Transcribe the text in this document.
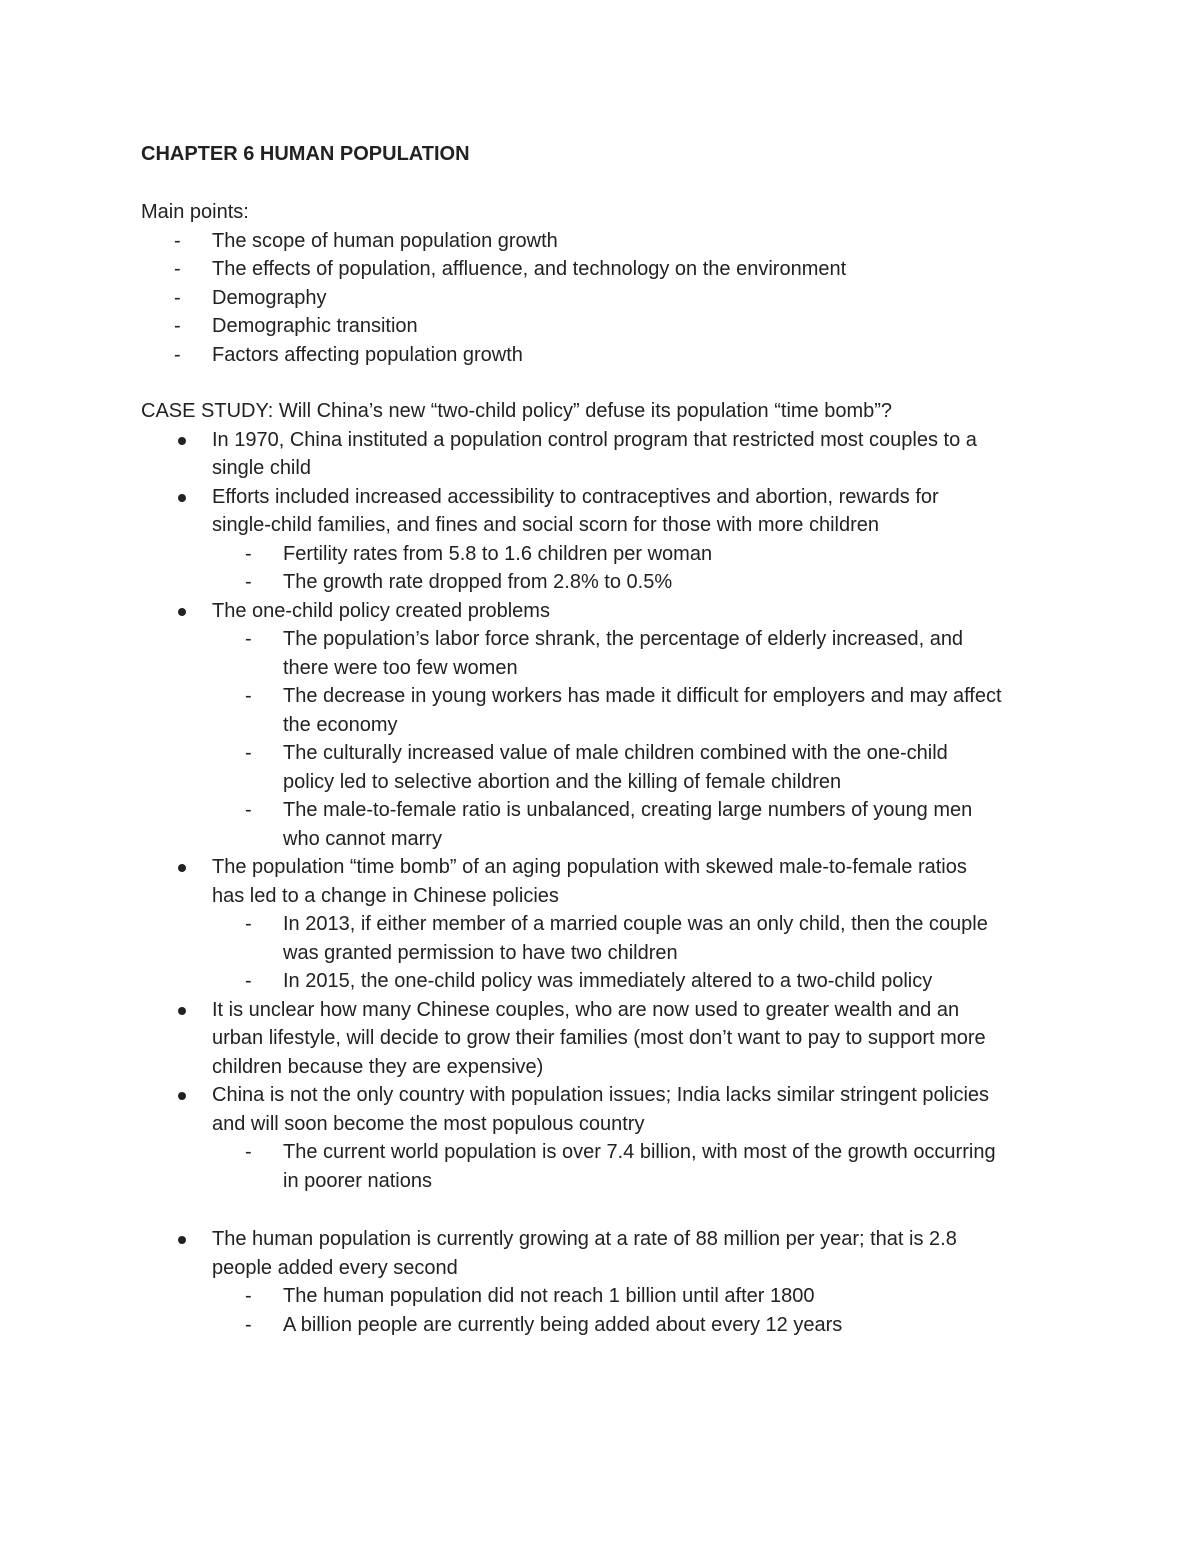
CHAPTER 6 HUMAN POPULATION
Main points:
- The scope of human population growth
- The effects of population, affluence, and technology on the environment
- Demography
- Demographic transition
- Factors affecting population growth
CASE STUDY: Will China’s new “two-child policy” defuse its population “time bomb”?
In 1970, China instituted a population control program that restricted most couples to a
single child
Efforts included increased accessibility to contraceptives and abortion, rewards for
single-child families, and fines and social scorn for those with more children
- Fertility rates from 5.8 to 1.6 children per woman
- The growth rate dropped from 2.8% to 0.5%
The one-child policy created problems
- The population’s labor force shrank, the percentage of elderly increased, and
there were too few women
- The decrease in young workers has made it difficult for employers and may affect
the economy
- The culturally increased value of male children combined with the one-child
policy led to selective abortion and the killing of female children
- The male-to-female ratio is unbalanced, creating large numbers of young men
who cannot marry
The population “time bomb” of an aging population with skewed male-to-female ratios
has led to a change in Chinese policies
- In 2013, if either member of a married couple was an only child, then the couple
was granted permission to have two children
- In 2015, the one-child policy was immediately altered to a two-child policy
It is unclear how many Chinese couples, who are now used to greater wealth and an
urban lifestyle, will decide to grow their families (most don’t want to pay to support more
children because they are expensive)
China is not the only country with population issues; India lacks similar stringent policies
and will soon become the most populous country
- The current world population is over 7.4 billion, with most of the growth occurring
in poorer nations
The human population is currently growing at a rate of 88 million per year; that is 2.8
people added every second
- The human population did not reach 1 billion until after 1800
- A billion people are currently being added about every 12 years
